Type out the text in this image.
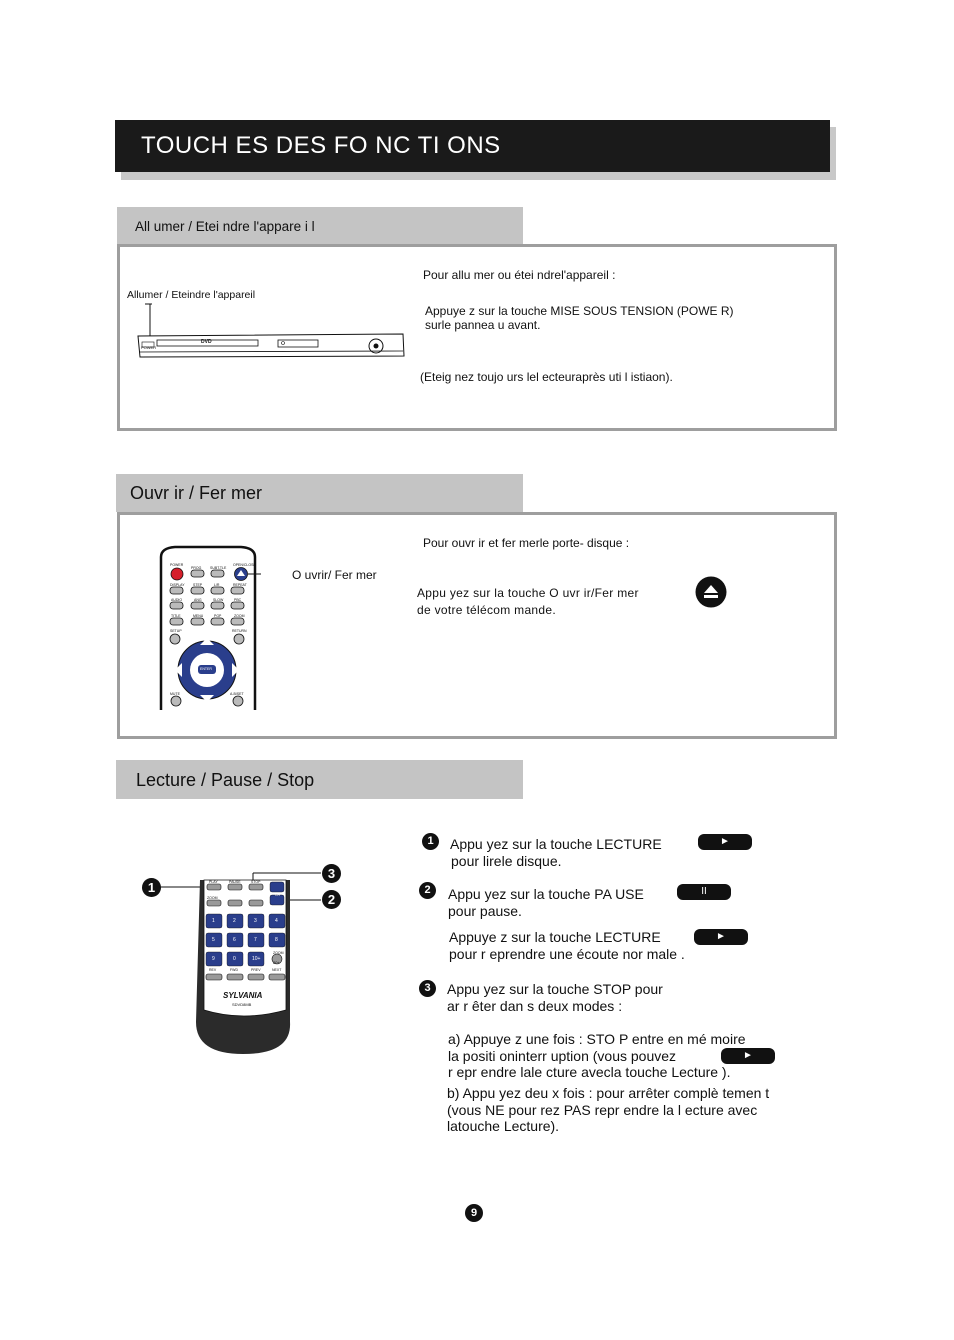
TOUCH ES DES FO NC TI ONS
All umer / Etei ndre l'appare i l
Allumer / Eteindre l'appareil
DVD
POWER
Pour allu mer ou étei ndrel'appareil :
Appuye z sur la touche MISE SOUS TENSION (POWE R)
surle pannea u avant.
(Eteig nez toujo urs lel ecteuraprès uti l istiaon).
Ouvr ir / Fer mer
POWER
PROG SUBT.TLE
OPEN/CLOSE
DISPLAY STEP	L/R	REPEAT
AUDIO	ANG	SLOW	PBC
TITLE	MENU	PGP	ZOOM
SETUP	RETURN
ENTER
MUTE	A-B/SET
O uvrir/ Fer mer
Pour ouvr ir et fer merle porte- disque :
Appu yez sur la touche O uvr ir/Fer mer
de votre télécom mande.
Lecture / Pause / Stop
SYLVANIA
SDVD8MB
PLAY	PAUSE	STOP
CH
ZOOM
REV	FWD	PREV	NEXT
VOL
ZOOM
1	2	3	4
5	6	7	8
9	0	10+
20+
1
3
2
1	Appu yez sur la touche LECTURE	►
pour lirele disque.
2	Appu yez sur la touche PA USE	II
pour pause.
Appuye z sur la touche LECTURE	►
pour r eprendre une écoute nor male .
3	Appu yez sur la touche STOP pour
ar r êter dan s deux modes :
a) Appuye z une fois : STO P entre en mé moire
la positi oninterr uption (vous pouvez	►
r epr endre lale cture avecla touche Lecture ).
b) Appu yez deu x fois : pour arrêter complè temen t
(vous NE pour rez PAS repr endre la l ecture avec
latouche Lecture).
9
